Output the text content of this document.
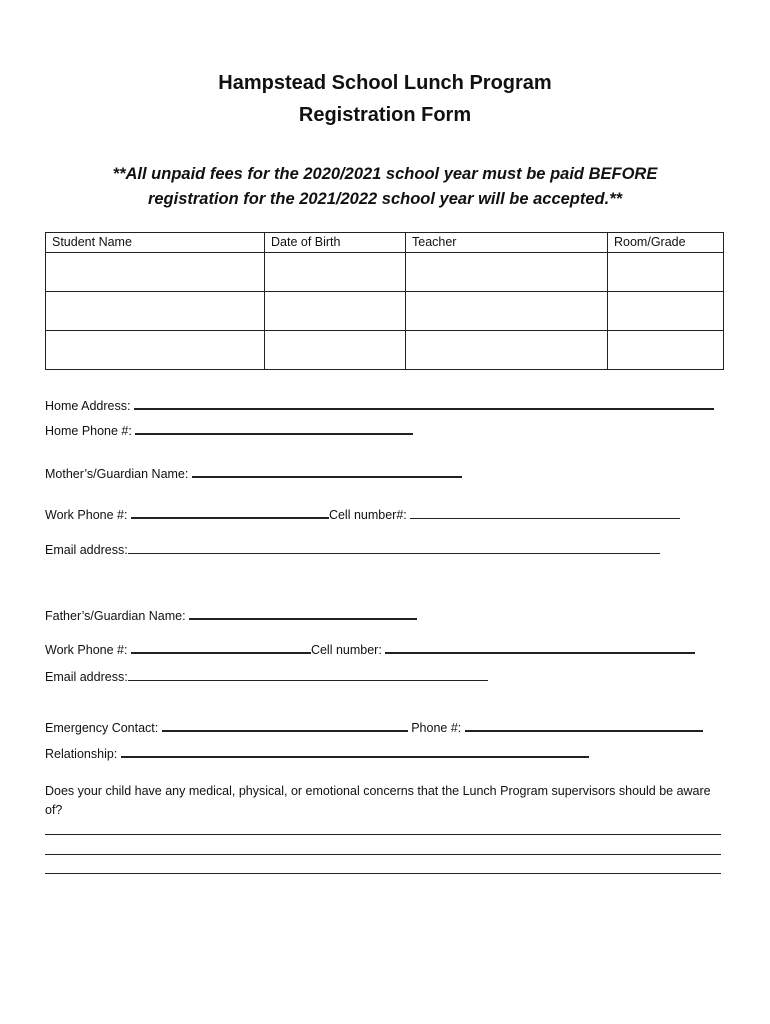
Hampstead School Lunch Program
Registration Form
**All unpaid fees for the 2020/2021 school year must be paid BEFORE
registration for the 2021/2022 school year will be accepted.**
Student Name	Date of Birth	Teacher	Room/Grade

Home Address:
Home Phone #:
Mother’s/Guardian Name:
Work Phone #:	Cell number#:
Email address:
Father’s/Guardian Name:
Work Phone #:	Cell number:
Email address:
Emergency Contact:	Phone #:
Relationship:
Does your child have any medical, physical, or emotional concerns that the Lunch Program supervisors should be aware of?
